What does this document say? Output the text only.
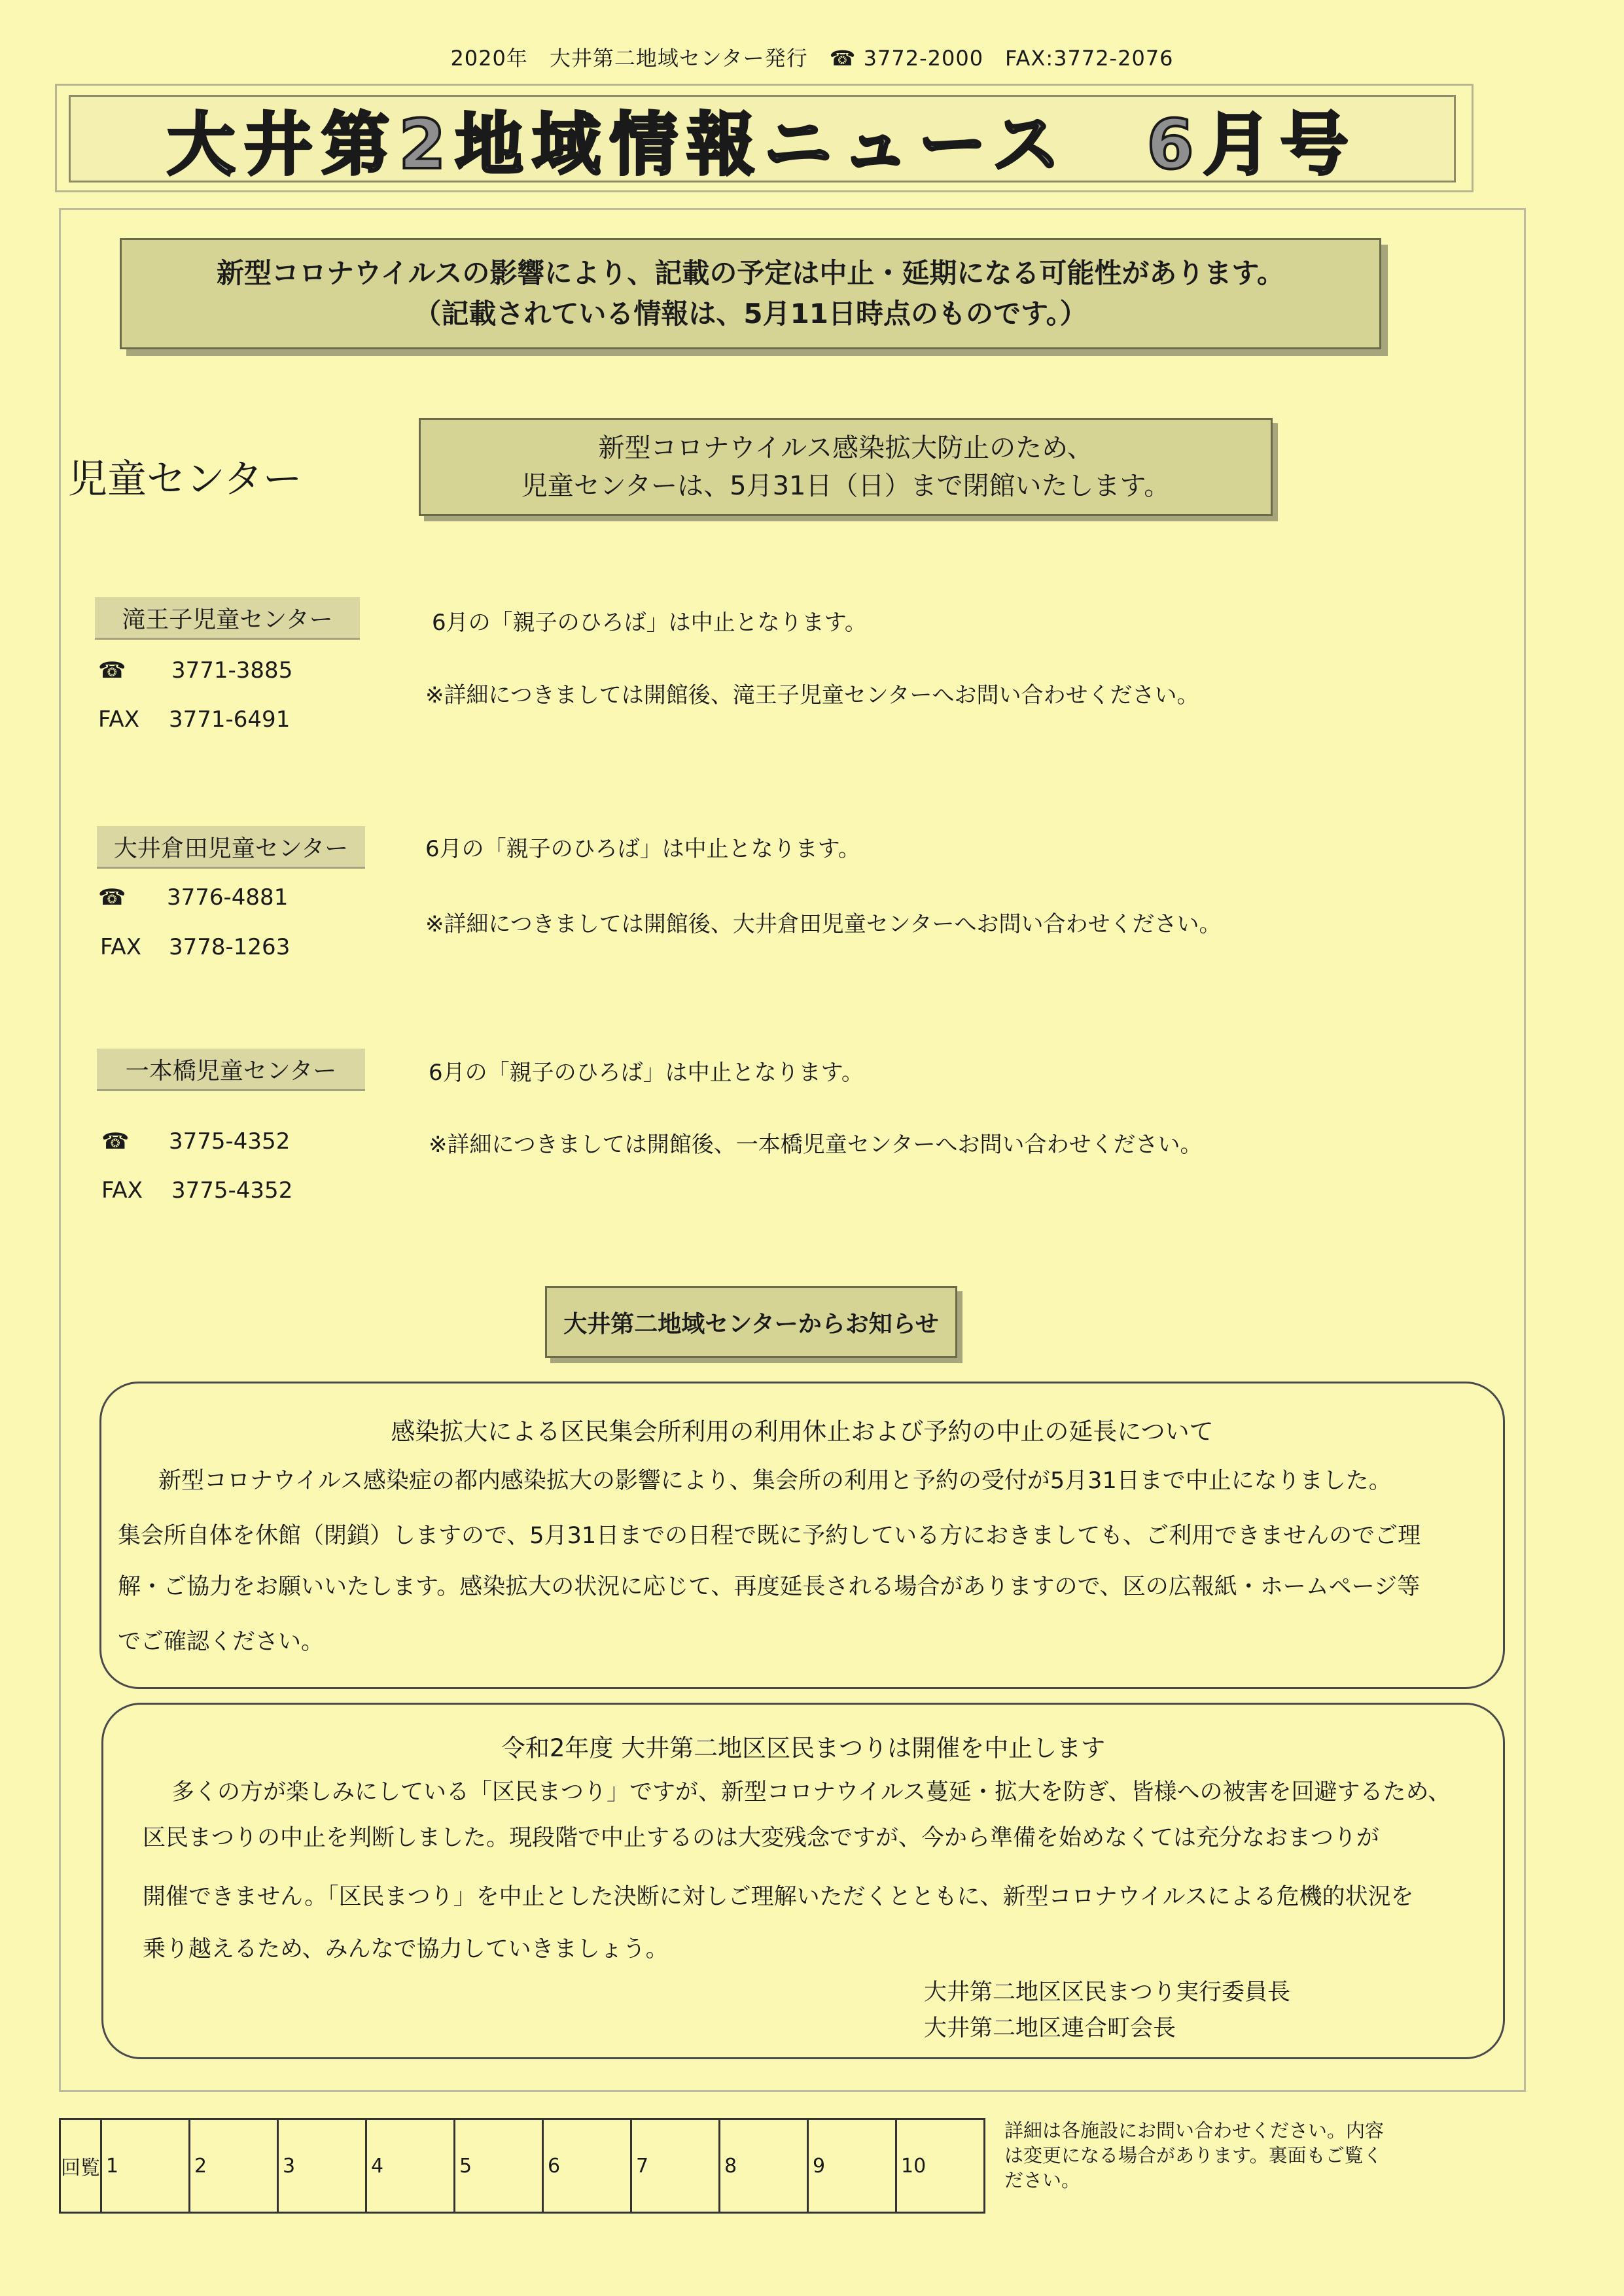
2020年　大井第二地域センター発行　☎ 3772-2000　FAX:3772-2076
大井第2地域情報ニュース　6月号
新型コロナウイルスの影響により、記載の予定は中止・延期になる可能性があります。
（記載されている情報は、5月11日時点のものです。）
児童センター
新型コロナウイルス感染拡大防止のため、
児童センターは、5月31日（日）まで閉館いたします。
滝王子児童センター
☎ 3771-3885
FAX 3771-6491
6月の「親子のひろば」は中止となります。
※詳細につきましては開館後、滝王子児童センターへお問い合わせください。
大井倉田児童センター
☎ 3776-4881
FAX 3778-1263
6月の「親子のひろば」は中止となります。
※詳細につきましては開館後、大井倉田児童センターへお問い合わせください。
一本橋児童センター
☎ 3775-4352
FAX 3775-4352
6月の「親子のひろば」は中止となります。
※詳細につきましては開館後、一本橋児童センターへお問い合わせください。
大井第二地域センターからお知らせ
感染拡大による区民集会所利用の利用休止および予約の中止の延長について
新型コロナウイルス感染症の都内感染拡大の影響により、集会所の利用と予約の受付が5月31日まで中止になりました。
集会所自体を休館（閉鎖）しますので、5月31日までの日程で既に予約している方におきましても、ご利用できませんのでご理
解・ご協力をお願いいたします。感染拡大の状況に応じて、再度延長される場合がありますので、区の広報紙・ホームページ等
でご確認ください。
令和2年度 大井第二地区区民まつりは開催を中止します
多くの方が楽しみにしている「区民まつり」ですが、新型コロナウイルス蔓延・拡大を防ぎ、皆様への被害を回避するため、
区民まつりの中止を判断しました。現段階で中止するのは大変残念ですが、今から準備を始めなくては充分なおまつりが
開催できません。「区民まつり」を中止とした決断に対しご理解いただくとともに、新型コロナウイルスによる危機的状況を
乗り越えるため、みんなで協力していきましょう。
大井第二地区区民まつり実行委員長
大井第二地区連合町会長
回覧	1	2	3	4	5	6	7	8	9	10
詳細は各施設にお問い合わせください。内容は変更になる場合があります。裏面もご覧ください。
